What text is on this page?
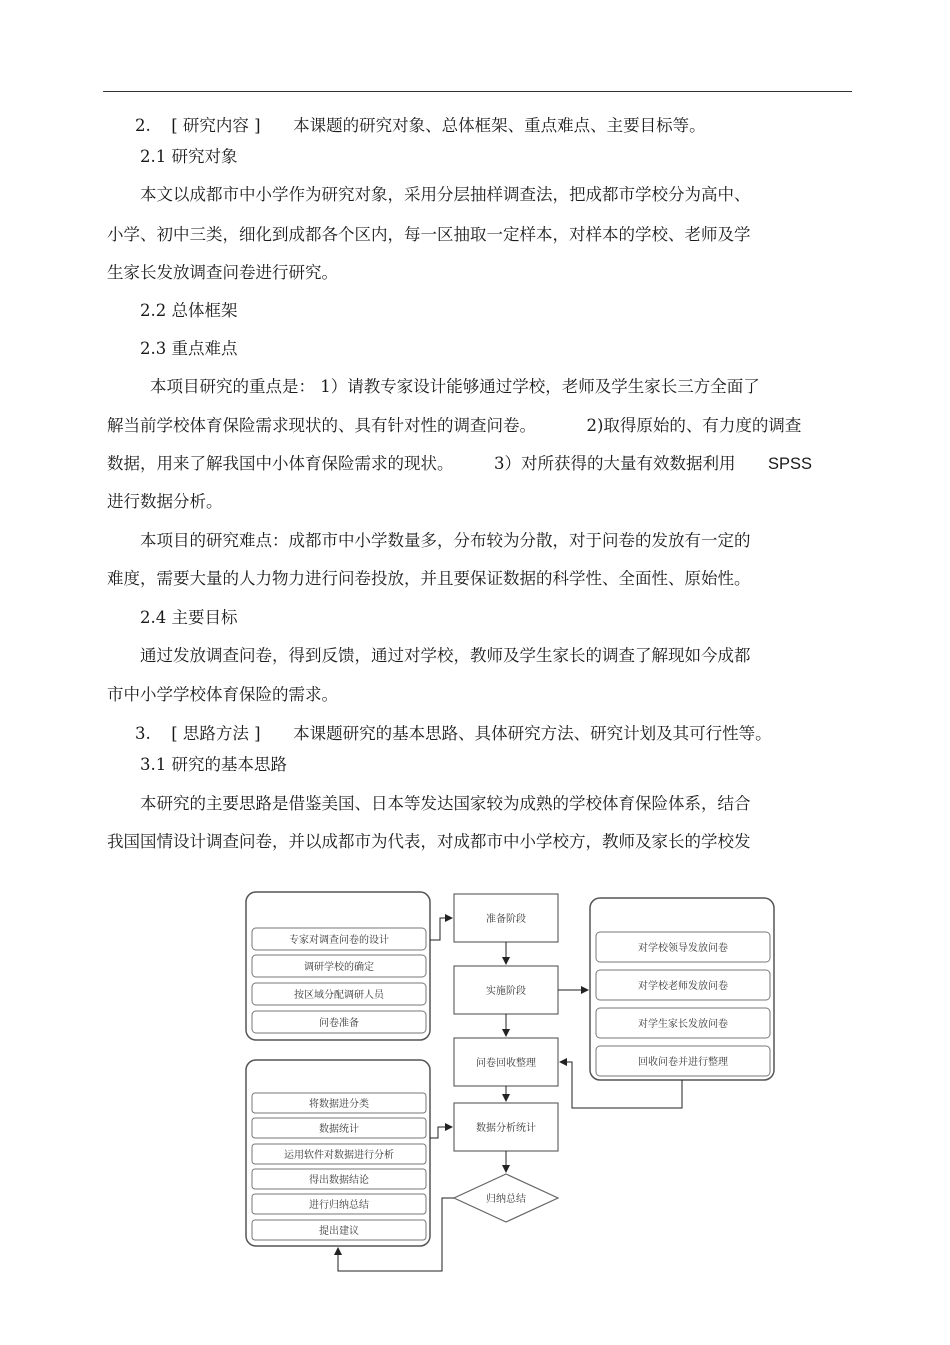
2. [ 研究内容 ] 本课题的研究对象、总体框架、重点难点、主要目标等。
2.1 研究对象
本文以成都市中小学作为研究对象，采用分层抽样调查法，把成都市学校分为高中、
小学、初中三类，细化到成都各个区内，每一区抽取一定样本，对样本的学校、老师及学
生家长发放调查问卷进行研究。
2.2 总体框架
2.3 重点难点
本项目研究的重点是： 1）请教专家设计能够通过学校，老师及学生家长三方全面了
解当前学校体育保险需求现状的、具有针对性的调查问卷。	2)取得原始的、有力度的调查
数据，用来了解我国中小体育保险需求的现状。 3）对所获得的大量有效数据利用 SPSS
进行数据分析。
本项目的研究难点：成都市中小学数量多，分布较为分散，对于问卷的发放有一定的
难度，需要大量的人力物力进行问卷投放，并且要保证数据的科学性、全面性、原始性。
2.4 主要目标
通过发放调查问卷，得到反馈，通过对学校，教师及学生家长的调查了解现如今成都
市中小学学校体育保险的需求。
3. [ 思路方法 ] 本课题研究的基本思路、具体研究方法、研究计划及其可行性等。
3.1 研究的基本思路
本研究的主要思路是借鉴美国、日本等发达国家较为成熟的学校体育保险体系，结合
我国国情设计调查问卷，并以成都市为代表，对成都市中小学校方，教师及家长的学校发
专家对调查问卷的设计
调研学校的确定
按区域分配调研人员
问卷准备
准备阶段
实施阶段
问卷回收整理
数据分析统计
归纳总结
对学校领导发放问卷
对学校老师发放问卷
对学生家长发放问卷
回收问卷并进行整理
将数据进分类
数据统计
运用软件对数据进行分析
得出数据结论
进行归纳总结
提出建议
